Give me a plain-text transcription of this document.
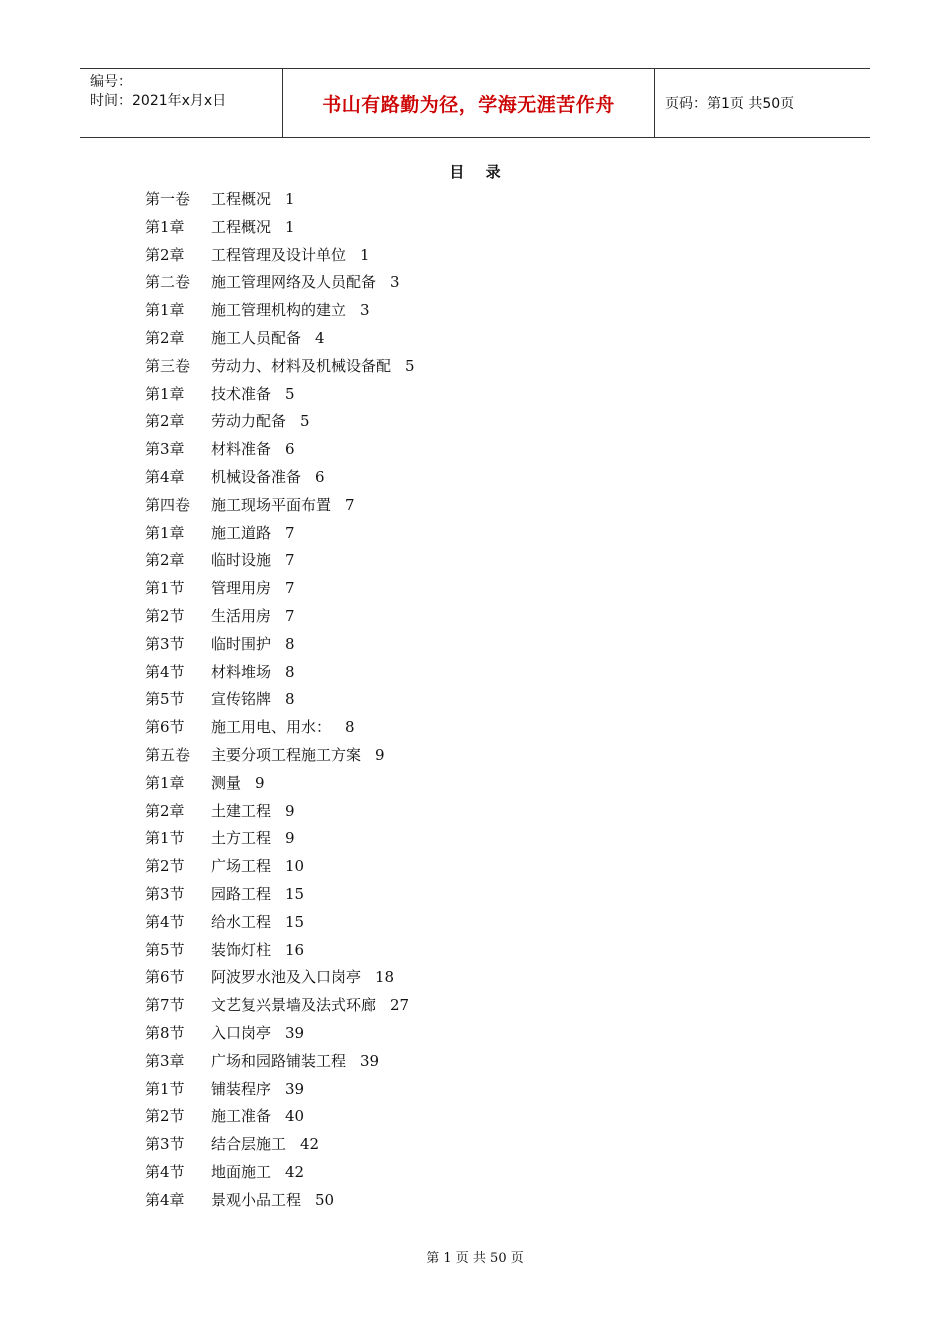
编号：
时间：2021年x月x日	书山有路勤为径，学海无涯苦作舟	页码：第1页 共50页
目 录
第一卷 工程概况 1
第1章 工程概况 1
第2章 工程管理及设计单位 1
第二卷 施工管理网络及人员配备 3
第1章 施工管理机构的建立 3
第2章 施工人员配备 4
第三卷 劳动力、材料及机械设备配 5
第1章 技术准备 5
第2章 劳动力配备 5
第3章 材料准备 6
第4章 机械设备准备 6
第四卷 施工现场平面布置 7
第1章 施工道路 7
第2章 临时设施 7
第1节 管理用房 7
第2节 生活用房 7
第3节 临时围护 8
第4节 材料堆场 8
第5节 宣传铭牌 8
第6节 施工用电、用水： 8
第五卷 主要分项工程施工方案 9
第1章 测量 9
第2章 土建工程 9
第1节 土方工程 9
第2节 广场工程 10
第3节 园路工程 15
第4节 给水工程 15
第5节 装饰灯柱 16
第6节 阿波罗水池及入口岗亭 18
第7节 文艺复兴景墙及法式环廊 27
第8节 入口岗亭 39
第3章 广场和园路铺装工程 39
第1节 铺装程序 39
第2节 施工准备 40
第3节 结合层施工 42
第4节 地面施工 42
第4章 景观小品工程 50
第 1 页 共 50 页
